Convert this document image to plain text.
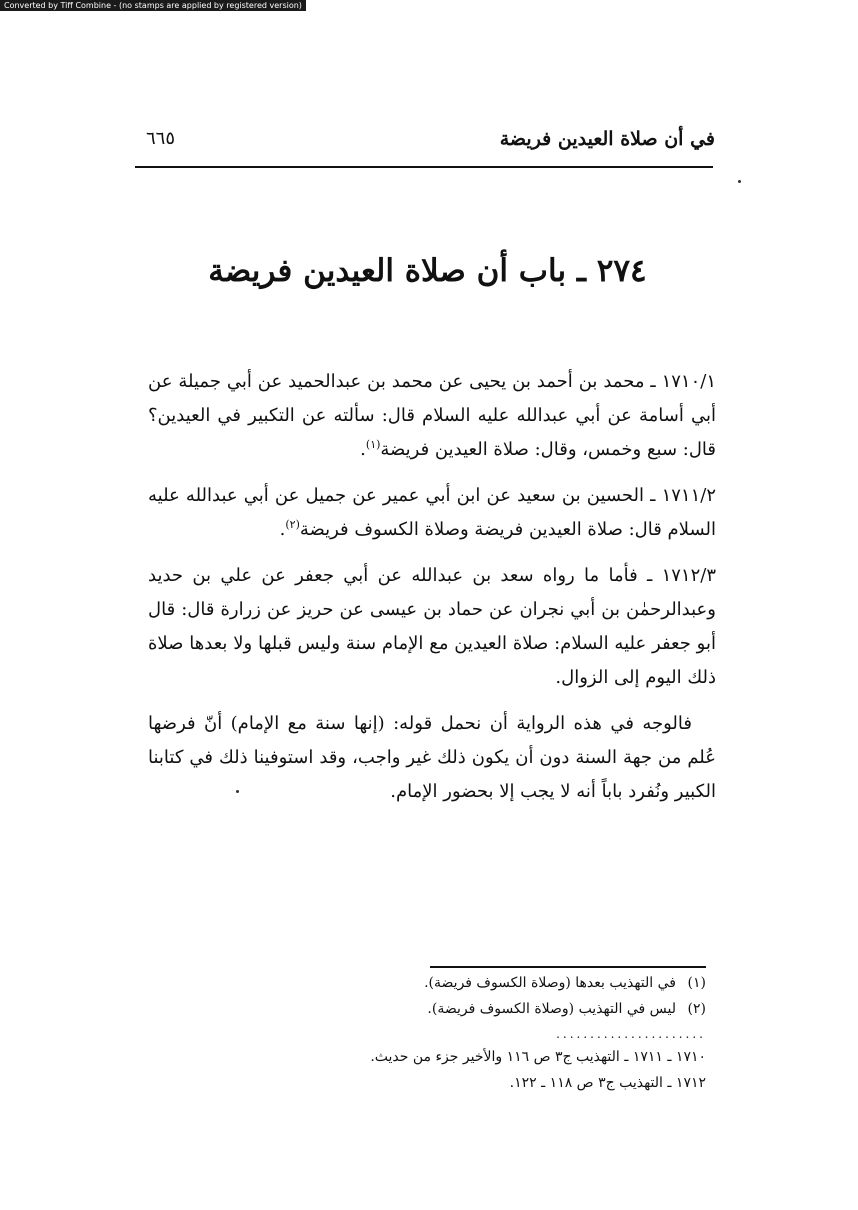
Converted by Tiff Combine - (no stamps are applied by registered version)
في أن صلاة العيدين فريضة
٦٦٥
٢٧٤ ـ باب أن صلاة العيدين فريضة

١٧١٠/١ ـ محمد بن أحمد بن يحيى عن محمد بن عبدالحميد عن أبي جميلة عن أبي أسامة عن أبي عبدالله عليه السلام قال: سألته عن التكبير في العيدين؟ قال: سبع وخمس، وقال: صلاة العيدين فريضة$^{(١)}$.

١٧١١/٢ ـ الحسين بن سعيد عن ابن أبي عمير عن جميل عن أبي عبدالله عليه السلام قال: صلاة العيدين فريضة وصلاة الكسوف فريضة$^{(٢)}$.

١٧١٢/٣ ـ فأما ما رواه سعد بن عبدالله عن أبي جعفر عن علي بن حديد وعبدالرحمٰن بن أبي نجران عن حماد بن عيسى عن حريز عن زرارة قال: قال أبو جعفر عليه السلام: صلاة العيدين مع الإمام سنة وليس قبلها ولا بعدها صلاة ذلك اليوم إلى الزوال.

فالوجه في هذه الرواية أن نحمل قوله: (إنها سنة مع الإمام) أنّ فرضها عُلم من جهة السنة دون أن يكون ذلك غير واجب، وقد استوفينا ذلك في كتابنا الكبير ونُفرد باباً أنه لا يجب إلا بحضور الإمام.

(١)في التهذيب بعدها (وصلاة الكسوف فريضة).

(٢)ليس في التهذيب (وصلاة الكسوف فريضة).

......................

١٧١٠ ـ ١٧١١ ـ التهذيب ج٣ ص ١١٦ والأخير جزء من حديث.

١٧١٢ ـ التهذيب ج٣ ص ١١٨ ـ ١٢٢.
